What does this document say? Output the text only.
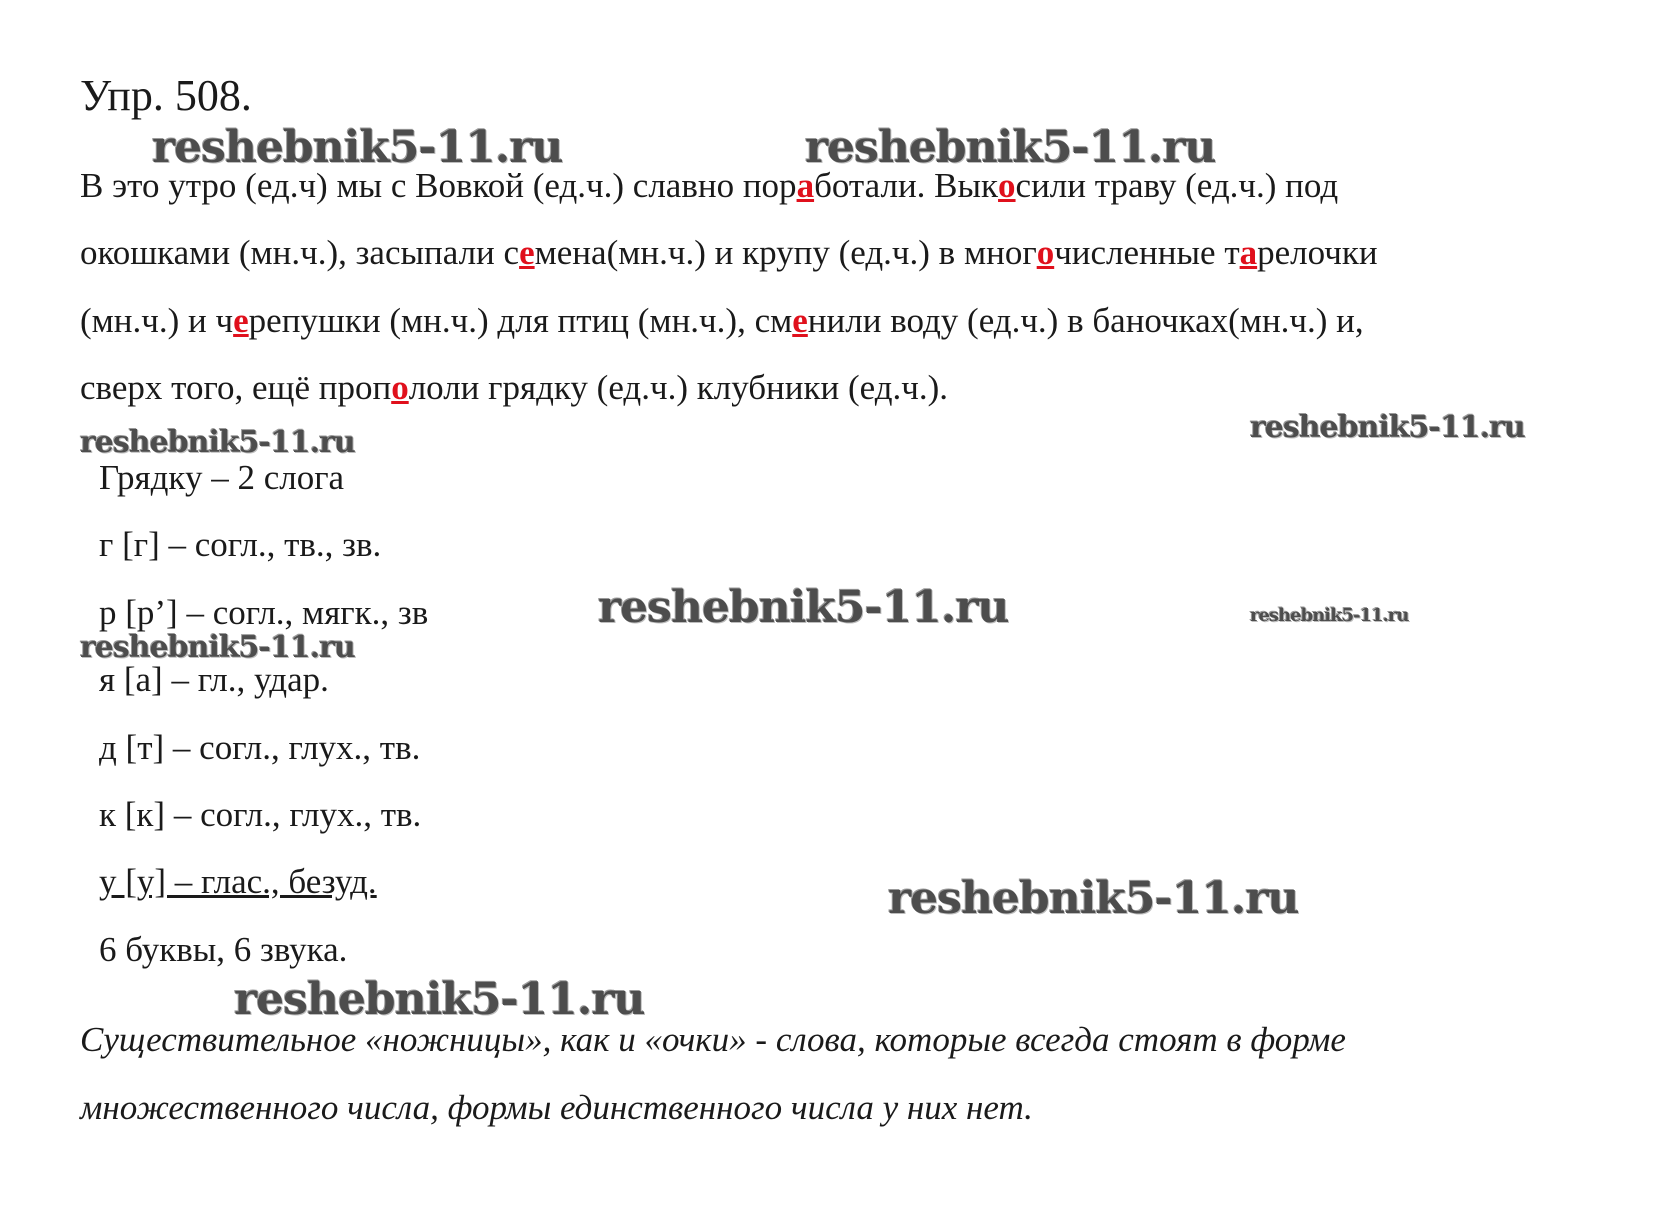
Упр. 508.
В это утро (ед.ч) мы с Вовкой (ед.ч.) славно поработали. Выкосили траву (ед.ч.) под
окошками (мн.ч.), засыпали семена(мн.ч.) и крупу (ед.ч.) в многочисленные тарелочки
(мн.ч.) и черепушки (мн.ч.) для птиц (мн.ч.), сменили воду (ед.ч.) в баночках(мн.ч.) и,
сверх того, ещё пропололи грядку (ед.ч.) клубники (ед.ч.).
Грядку – 2 слога
г [г] – согл., тв., зв.
р [р’] – согл., мягк., зв
я [а] – гл., удар.
д [т] – согл., глух., тв.
к [к] – согл., глух., тв.
у [у] – глас., безуд.
6 буквы, 6 звука.
Существительное «ножницы», как и «очки» - слова, которые всегда стоят в форме
множественного числа, формы единственного числа у них нет.
reshebnik5-11.ru	reshebnik5-11.ru
reshebnik5-11.ru	reshebnik5-11.ru
reshebnik5-11.ru	reshebnik5-11.ru
reshebnik5-11.ru
reshebnik5-11.ru
reshebnik5-11.ru
